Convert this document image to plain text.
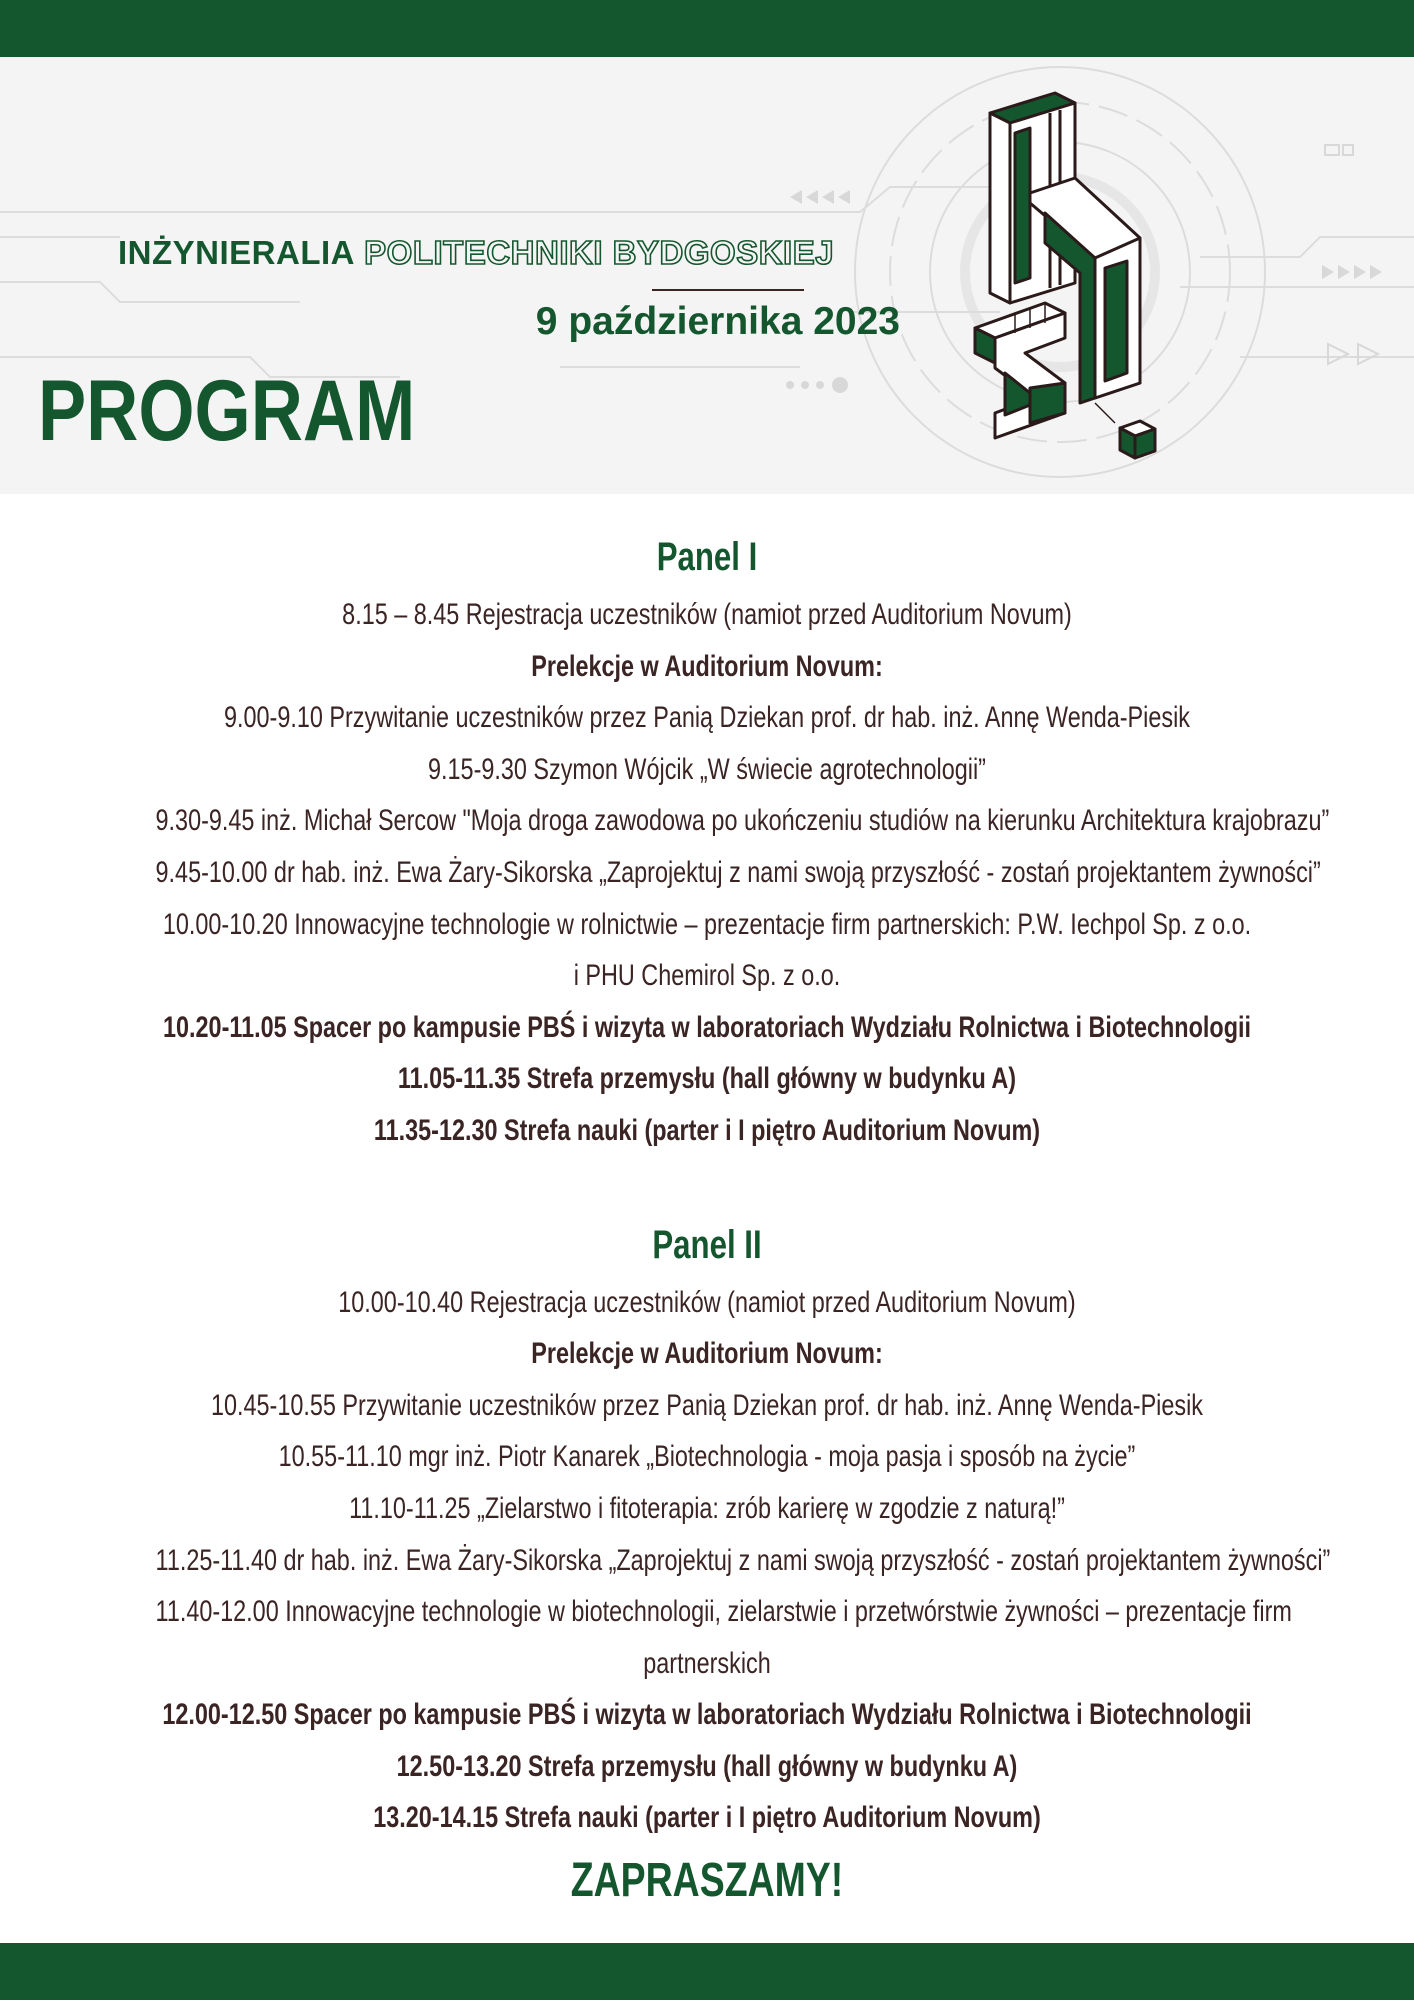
INŻYNIERALIA POLITECHNIKI BYDGOSKIEJ
9 października 2023
PROGRAM
Panel I
8.15 – 8.45 Rejestracja uczestników (namiot przed Auditorium Novum)
Prelekcje w Auditorium Novum:
9.00-9.10 Przywitanie uczestników przez Panią Dziekan prof. dr hab. inż. Annę Wenda-Piesik
9.15-9.30 Szymon Wójcik „W świecie agrotechnologii”
9.30-9.45 inż. Michał Sercow "Moja droga zawodowa po ukończeniu studiów na kierunku Architektura krajobrazu”
9.45-10.00 dr hab. inż. Ewa Żary-Sikorska „Zaprojektuj z nami swoją przyszłość - zostań projektantem żywności”
10.00-10.20 Innowacyjne technologie w rolnictwie – prezentacje firm partnerskich: P.W. Iechpol Sp. z o.o.
i PHU Chemirol Sp. z o.o.
10.20-11.05 Spacer po kampusie PBŚ i wizyta w laboratoriach Wydziału Rolnictwa i Biotechnologii
11.05-11.35 Strefa przemysłu (hall główny w budynku A)
11.35-12.30 Strefa nauki (parter i I piętro Auditorium Novum)
Panel II
10.00-10.40 Rejestracja uczestników (namiot przed Auditorium Novum)
Prelekcje w Auditorium Novum:
10.45-10.55 Przywitanie uczestników przez Panią Dziekan prof. dr hab. inż. Annę Wenda-Piesik
10.55-11.10 mgr inż. Piotr Kanarek „Biotechnologia - moja pasja i sposób na życie”
11.10-11.25 „Zielarstwo i fitoterapia: zrób karierę w zgodzie z naturą!”
11.25-11.40 dr hab. inż. Ewa Żary-Sikorska „Zaprojektuj z nami swoją przyszłość - zostań projektantem żywności”
11.40-12.00 Innowacyjne technologie w biotechnologii, zielarstwie i przetwórstwie żywności – prezentacje firm
partnerskich
12.00-12.50 Spacer po kampusie PBŚ i wizyta w laboratoriach Wydziału Rolnictwa i Biotechnologii
12.50-13.20 Strefa przemysłu (hall główny w budynku A)
13.20-14.15 Strefa nauki (parter i I piętro Auditorium Novum)
ZAPRASZAMY!
